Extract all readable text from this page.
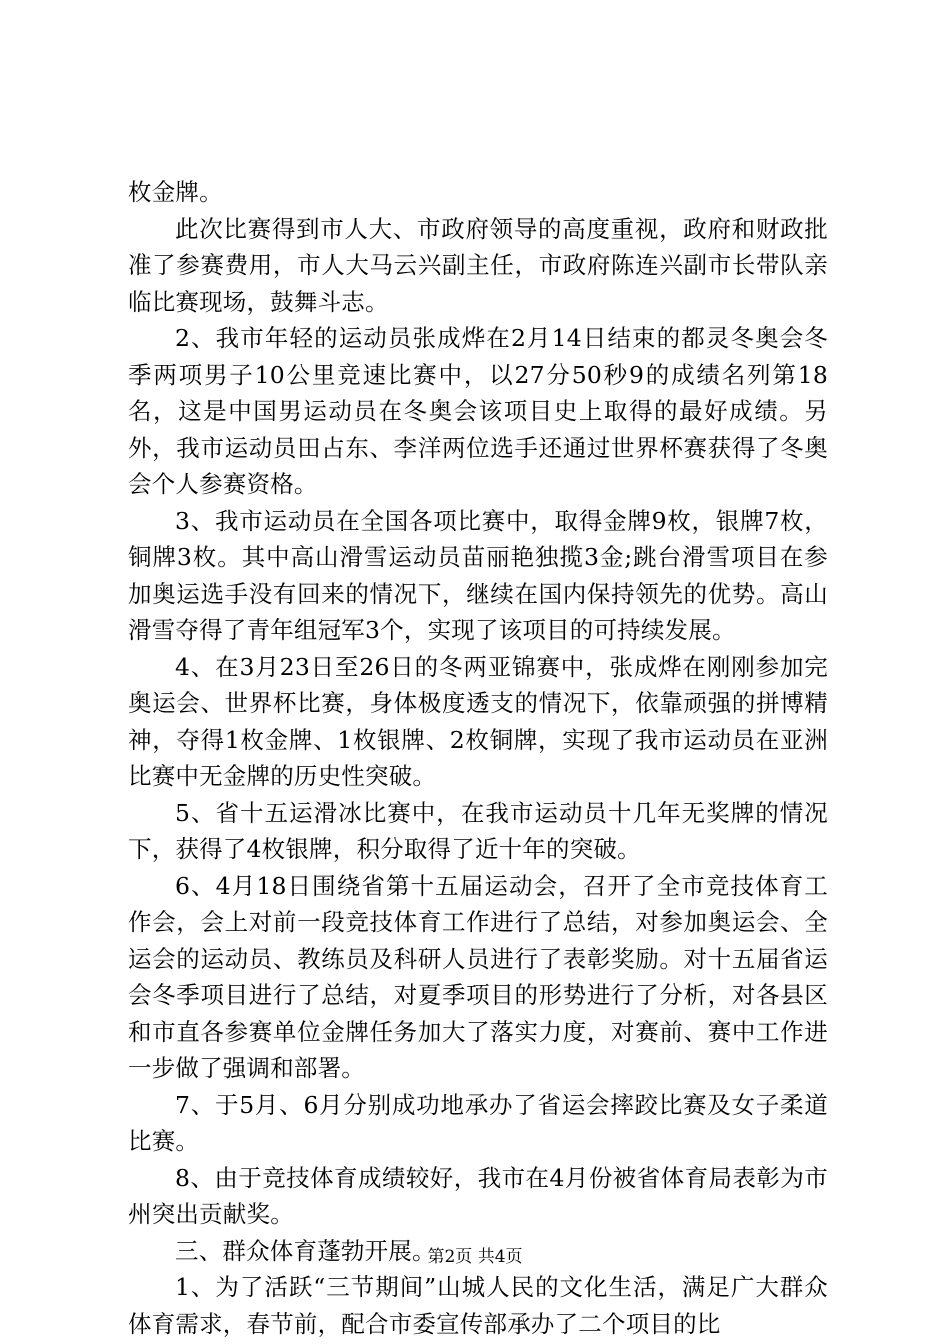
枚金牌。

此次比赛得到市人大、市政府领导的高度重视，政府和财政批准了参赛费用，市人大马云兴副主任，市政府陈连兴副市长带队亲临比赛现场，鼓舞斗志。

2、我市年轻的运动员张成烨在2月14日结束的都灵冬奥会冬季两项男子10公里竞速比赛中，以27分50秒9的成绩名列第18名，这是中国男运动员在冬奥会该项目史上取得的最好成绩。另外，我市运动员田占东、李洋两位选手还通过世界杯赛获得了冬奥会个人参赛资格。

3、我市运动员在全国各项比赛中，取得金牌9枚，银牌7枚，铜牌3枚。其中高山滑雪运动员苗丽艳独揽3金;跳台滑雪项目在参加奥运选手没有回来的情况下，继续在国内保持领先的优势。高山滑雪夺得了青年组冠军3个，实现了该项目的可持续发展。

4、在3月23日至26日的冬两亚锦赛中，张成烨在刚刚参加完奥运会、世界杯比赛，身体极度透支的情况下，依靠顽强的拼博精神，夺得1枚金牌、1枚银牌、2枚铜牌，实现了我市运动员在亚洲比赛中无金牌的历史性突破。

5、省十五运滑冰比赛中，在我市运动员十几年无奖牌的情况下，获得了4枚银牌，积分取得了近十年的突破。

6、4月18日围绕省第十五届运动会，召开了全市竞技体育工作会，会上对前一段竞技体育工作进行了总结，对参加奥运会、全运会的运动员、教练员及科研人员进行了表彰奖励。对十五届省运会冬季项目进行了总结，对夏季项目的形势进行了分析，对各县区和市直各参赛单位金牌任务加大了落实力度，对赛前、赛中工作进一步做了强调和部署。

7、于5月、6月分别成功地承办了省运会摔跤比赛及女子柔道比赛。

8、由于竞技体育成绩较好，我市在4月份被省体育局表彰为市州突出贡献奖。

三、群众体育蓬勃开展。

1、为了活跃“三节期间”山城人民的文化生活，满足广大群众体育需求，春节前，配合市委宣传部承办了二个项目的比

第2页 共4页
